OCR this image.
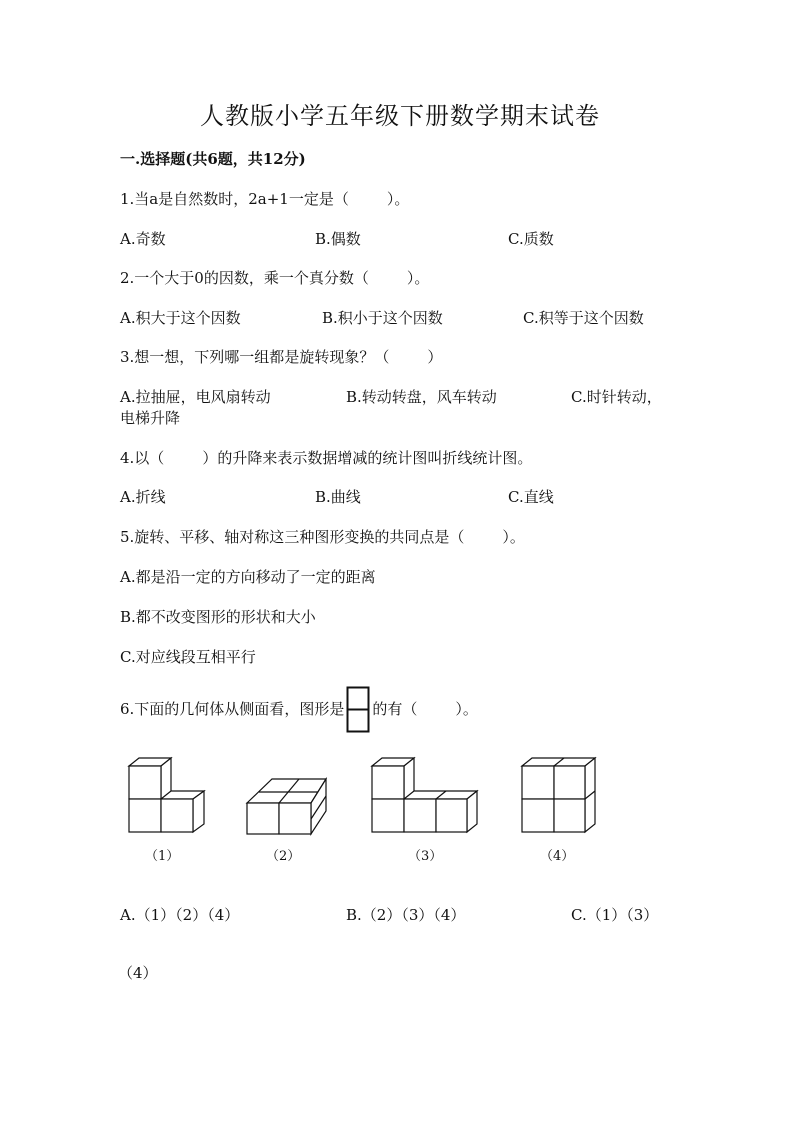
人教版小学五年级下册数学期末试卷
一.选择题(共6题，共12分)
1.当a是自然数时，2a+1一定是（	）。
A.奇数	B.偶数	C.质数
2.一个大于0的因数，乘一个真分数（	）。
A.积大于这个因数	B.积小于这个因数	C.积等于这个因数
3.想一想，下列哪一组都是旋转现象？（	）
A.拉抽屉，电风扇转动	B.转动转盘，风车转动	C.时针转动，
电梯升降
4.以（	）的升降来表示数据增减的统计图叫折线统计图。
A.折线	B.曲线	C.直线
5.旋转、平移、轴对称这三种图形变换的共同点是（	）。
A.都是沿一定的方向移动了一定的距离
B.都不改变图形的形状和大小
C.对应线段互相平行
6.下面的几何体从侧面看，图形是 的有（	）。
（1）	（2）	（3）	（4）
A.（1）（2）（4）	B.（2）（3）（4）	C.（1）（3）
（4）
